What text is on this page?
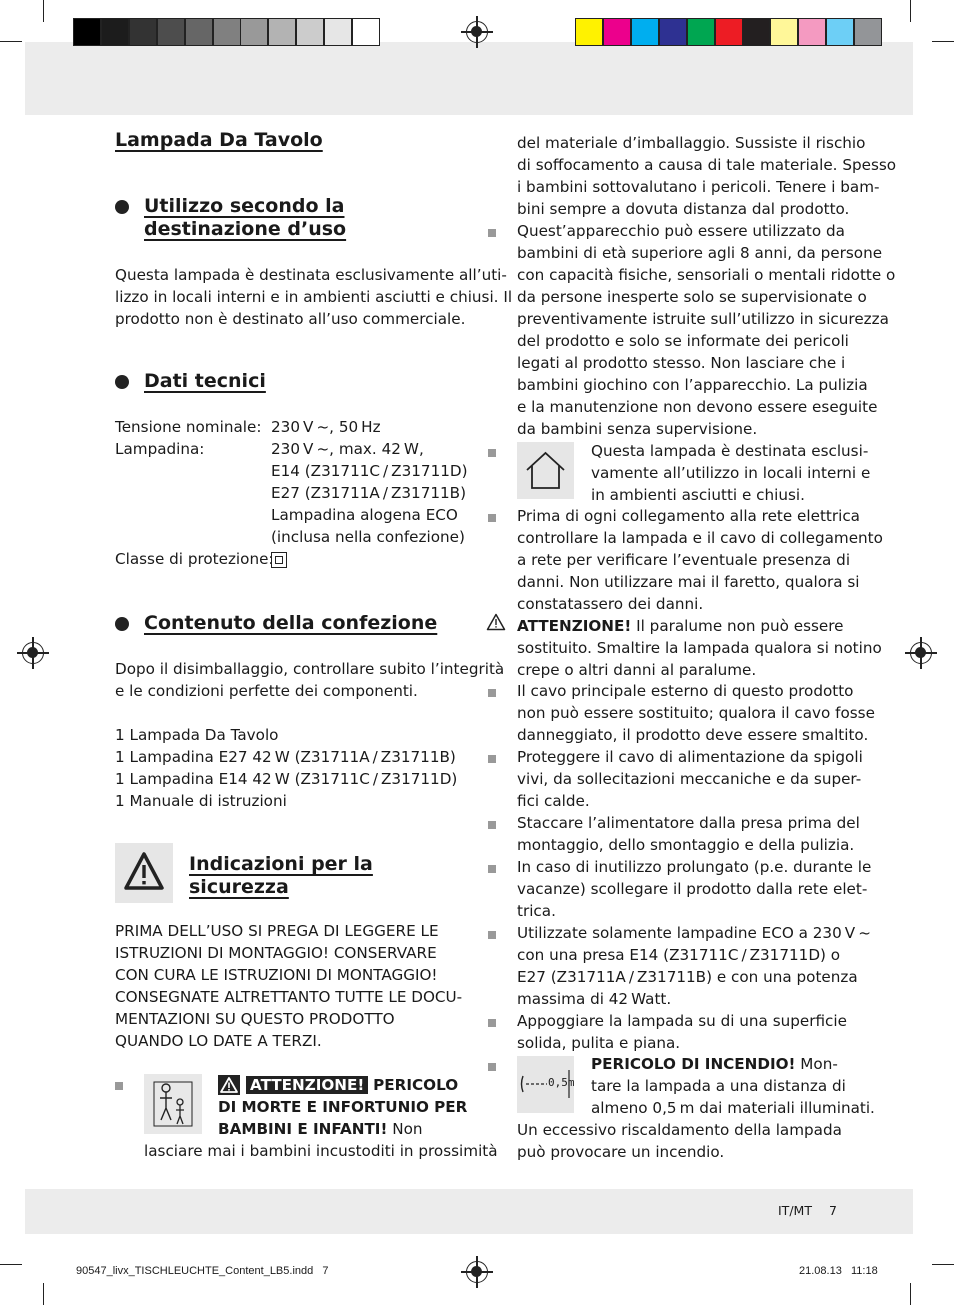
Lampada Da Tavolo
Utilizzo secondo la
destinazione d’uso
Questa lampada è destinata esclusivamente all’uti-
lizzo in locali interni e in ambienti asciutti e chiusi. Il
prodotto non è destinato all’uso commerciale.
Dati tecnici
Tensione nominale: 230 V ~, 50 Hz
Lampadina:	230 V ~, max. 42 W,
E14 (Z31711C / Z31711D)
E27 (Z31711A / Z31711B)
Lampadina alogena ECO
(inclusa nella confezione)
Classe di protezione:
Contenuto della confezione
Dopo il disimballaggio, controllare subito l’integrità
e le condizioni perfette dei componenti.
1 Lampada Da Tavolo
1 Lampadina E27 42 W (Z31711A / Z31711B)
1 Lampadina E14 42 W (Z31711C / Z31711D)
1 Manuale di istruzioni
Indicazioni per la
sicurezza
PRIMA DELL’USO SI PREGA DI LEGGERE LE
ISTRUZIONI DI MONTAGGIO! CONSERVARE
CON CURA LE ISTRUZIONI DI MONTAGGIO!
CONSEGNATE ALTRETTANTO TUTTE LE DOCU-
MENTAZIONI SU QUESTO PRODOTTO
QUANDO LO DATE A TERZI.
ATTENZIONE! PERICOLO
DI MORTE E INFORTUNIO PER
BAMBINI E INFANTI! Non
lasciare mai i bambini incustoditi in prossimità
del materiale d’imballaggio. Sussiste il rischio
di soffocamento a causa di tale materiale. Spesso
i bambini sottovalutano i pericoli. Tenere i bam-
bini sempre a dovuta distanza dal prodotto.
Quest’apparecchio può essere utilizzato da
bambini di età superiore agli 8 anni, da persone
con capacità fisiche, sensoriali o mentali ridotte o
da persone inesperte solo se supervisionate o
preventivamente istruite sull’utilizzo in sicurezza
del prodotto e solo se informate dei pericoli
legati al prodotto stesso. Non lasciare che i
bambini giochino con l’apparecchio. La pulizia
e la manutenzione non devono essere eseguite
da bambini senza supervisione.
Questa lampada è destinata esclusi-
vamente all’utilizzo in locali interni e
in ambienti asciutti e chiusi.
Prima di ogni collegamento alla rete elettrica
controllare la lampada e il cavo di collegamento
a rete per verificare l’eventuale presenza di
danni. Non utilizzare mai il faretto, qualora si
constatassero dei danni.
ATTENZIONE! Il paralume non può essere
sostituito. Smaltire la lampada qualora si notino
crepe o altri danni al paralume.
Il cavo principale esterno di questo prodotto
non può essere sostituito; qualora il cavo fosse
danneggiato, il prodotto deve essere smaltito.
Proteggere il cavo di alimentazione da spigoli
vivi, da sollecitazioni meccaniche e da super-
fici calde.
Staccare l’alimentatore dalla presa prima del
montaggio, dello smontaggio e della pulizia.
In caso di inutilizzo prolungato (p.e. durante le
vacanze) scollegare il prodotto dalla rete elet-
trica.
Utilizzate solamente lampadine ECO a 230 V ~
con una presa E14 (Z31711C / Z31711D) o
E27 (Z31711A / Z31711B) e con una potenza
massima di 42 Watt.
Appoggiare la lampada su di una superficie
solida, pulita e piana.
0,5m
PERICOLO DI INCENDIO! Mon-
tare la lampada a una distanza di
almeno 0,5 m dai materiali illuminati.
Un eccessivo riscaldamento della lampada
può provocare un incendio.
IT/MT 7
90547_livx_TISCHLEUCHTE_Content_LB5.indd   7	21.08.13   11:18
